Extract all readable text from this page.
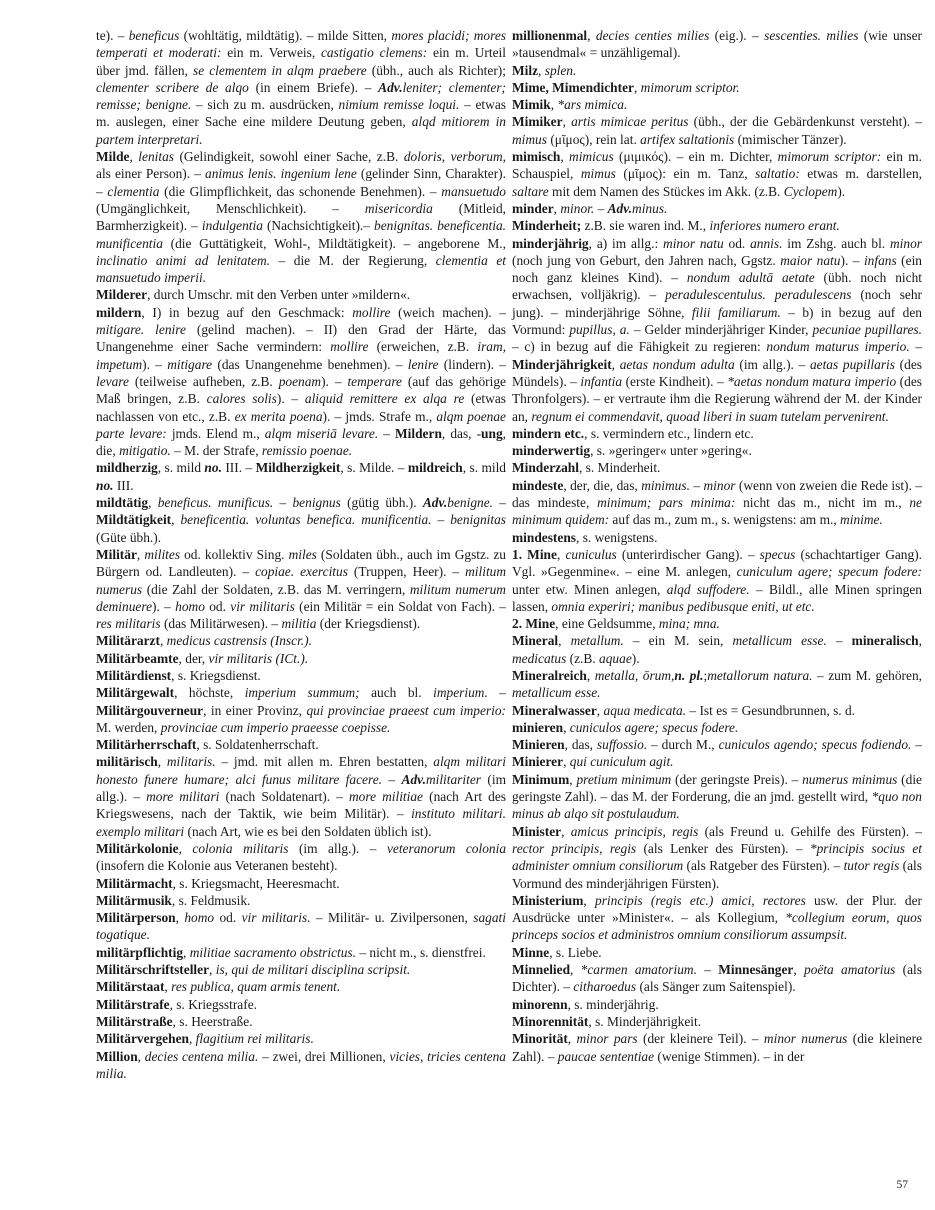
te). – beneficus (wohltätig, mildtätig). – milde Sitten, mores placidi; mores temperati et moderati: ein m. Verweis, castigatio clemens: ein m. Urteil über jmd. fällen, se clementem in alqm praebere (übh., auch als Richter); clementer scribere de alqo (in einem Briefe). – Adv.leniter; clementer; remisse; benigne. – sich zu m. ausdrücken, nimium remisse loqui. – etwas m. auslegen, einer Sache eine mildere Deutung geben, alqd mitiorem in partem interpretari.

Milde, lenitas (Gelindigkeit, sowohl einer Sache, z.B. doloris, verborum, als einer Person). – animus lenis. ingenium lene (gelinder Sinn, Charakter). – clementia (die Glimpflichkeit, das schonende Benehmen). – mansuetudo (Umgänglichkeit, Menschlichkeit). – misericordia (Mitleid, Barmherzigkeit). – indulgentia (Nachsichtigkeit).– benignitas. beneficentia. munificentia (die Guttätigkeit, Wohl-, Mildtätigkeit). – angeborene M., inclinatio animi ad lenitatem. – die M. der Regierung, clementia et mansuetudo imperii.

Milderer, durch Umschr. mit den Verben unter »mildern«.

mildern, I) in bezug auf den Geschmack: mollire (weich machen). – mitigare. lenire (gelind machen). – II) den Grad der Härte, das Unangenehme einer Sache vermindern: mollire (erweichen, z.B. iram, impetum). – mitigare (das Unangenehme benehmen). – lenire (lindern). – levare (teilweise aufheben, z.B. poenam). – temperare (auf das gehörige Maß bringen, z.B. calores solis). – aliquid remittere ex alqa re (etwas nachlassen von etc., z.B. ex merita poena). – jmds. Strafe m., alqm poenae parte levare: jmds. Elend m., alqm miseriā levare. – Mildern, das, -ung, die, mitigatio. – M. der Strafe, remissio poenae.

mildherzig, s. mild no. III. – Mildherzigkeit, s. Milde. – mildreich, s. mild no. III.

mildtätig, beneficus. munificus. – benignus (gütig übh.). Adv.benigne. – Mildtätigkeit, beneficentia. voluntas benefica. munificentia. – benignitas (Güte übh.).

Militär, milites od. kollektiv Sing. miles (Soldaten übh., auch im Ggstz. zu Bürgern od. Landleuten). – copiae. exercitus (Truppen, Heer). – militum numerus (die Zahl der Soldaten, z.B. das M. verringern, militum numerum deminuere). – homo od. vir militaris (ein Militär = ein Soldat von Fach). – res militaris (das Militärwesen). – militia (der Kriegsdienst).

Militärarzt, medicus castrensis (Inscr.).

Militärbeamte, der, vir militaris (ICt.).

Militärdienst, s. Kriegsdienst.

Militärgewalt, höchste, imperium summum; auch bl. imperium. – Militärgouverneur, in einer Provinz, qui provinciae praeest cum imperio: M. werden, provinciae cum imperio praeesse coepisse.

Militärherrschaft, s. Soldatenherrschaft.

militärisch, militaris. – jmd. mit allen m. Ehren bestatten, alqm militari honesto funere humare; alci funus militare facere. – Adv.militariter (im allg.). – more militari (nach Soldatenart). – more militiae (nach Art des Kriegswesens, nach der Taktik, wie beim Militär). – instituto militari. exemplo militari (nach Art, wie es bei den Soldaten üblich ist).

Militärkolonie, colonia militaris (im allg.). – veteranorum colonia (insofern die Kolonie aus Veteranen besteht).

Militärmacht, s. Kriegsmacht, Heeresmacht.

Militärmusik, s. Feldmusik.

Militärperson, homo od. vir militaris. – Militär- u. Zivilpersonen, sagati togatique.

militärpflichtig, militiae sacramento obstrictus. – nicht m., s. dienstfrei.

Militärschriftsteller, is, qui de militari disciplina scripsit.

Militärstaat, res publica, quam armis tenent.

Militärstrafe, s. Kriegsstrafe.

Militärstraße, s. Heerstraße.

Militärvergehen, flagitium rei militaris.

Million, decies centena milia. – zwei, drei Millionen, vicies, tricies centena milia.

millionenmal, decies centies milies (eig.). – sescenties. milies (wie unser »tausendmal« = unzähligemal).

Milz, splen.

Mime, Mimendichter, mimorum scriptor.

Mimik, *ars mimica.

Mimiker, artis mimicae peritus (übh., der die Gebärdenkunst versteht). – mimus (μῖμος), rein lat. artifex saltationis (mimischer Tänzer).

mimisch, mimicus (μιμικός). – ein m. Dichter, mimorum scriptor: ein m. Schauspiel, mimus (μῖμος): ein m. Tanz, saltatio: etwas m. darstellen, saltare mit dem Namen des Stückes im Akk. (z.B. Cyclopem).

minder, minor. – Adv.minus.

Minderheit; z.B. sie waren ind. M., inferiores numero erant.

minderjährig, a) im allg.: minor natu od. annis. im Zshg. auch bl. minor (noch jung von Geburt, den Jahren nach, Ggstz. maior natu). – infans (ein noch ganz kleines Kind). – nondum adultā aetate (übh. noch nicht erwachsen, volljäkrig). – peradulescentulus. peradulescens (noch sehr jung). – minderjährige Söhne, filii familiarum. – b) in bezug auf den Vormund: pupillus, a. – Gelder minderjähriger Kinder, pecuniae pupillares. – c) in bezug auf die Fähigkeit zu regieren: nondum maturus imperio. – Minderjährigkeit, aetas nondum adulta (im allg.). – aetas pupillaris (des Mündels). – infantia (erste Kindheit). – *aetas nondum matura imperio (des Thronfolgers). – er vertraute ihm die Regierung während der M. der Kinder an, regnum ei commendavit, quoad liberi in suam tutelam pervenirent.

mindern etc., s. vermindern etc., lindern etc.

minderwertig, s. »geringer« unter »gering«.

Minderzahl, s. Minderheit.

mindeste, der, die, das, minimus. – minor (wenn von zweien die Rede ist). – das mindeste, minimum; pars minima: nicht das m., nicht im m., ne minimum quidem: auf das m., zum m., s. wenigstens: am m., minime.

mindestens, s. wenigstens.

1. Mine, cuniculus (unterirdischer Gang). – specus (schachtartiger Gang). Vgl. »Gegenmine«. – eine M. anlegen, cuniculum agere; specum fodere: unter etw. Minen anlegen, alqd suffodere. – Bildl., alle Minen springen lassen, omnia experiri; manibus pedibusque eniti, ut etc.

2. Mine, eine Geldsumme, mina; mna.

Mineral, metallum. – ein M. sein, metallicum esse. – mineralisch, medicatus (z.B. aquae).

Mineralreich, metalla, ōrum,n. pl.;metallorum natura. – zum M. gehören, metallicum esse.

Mineralwasser, aqua medicata. – Ist es = Gesundbrunnen, s. d.

minieren, cuniculos agere; specus fodere.

Minieren, das, suffossio. – durch M., cuniculos agendo; specus fodiendo. – Minierer, qui cuniculum agit.

Minimum, pretium minimum (der geringste Preis). – numerus minimus (die geringste Zahl). – das M. der Forderung, die an jmd. gestellt wird, *quo non minus ab alqo sit postulaudum.

Minister, amicus principis, regis (als Freund u. Gehilfe des Fürsten). – rector principis, regis (als Lenker des Fürsten). – *principis socius et administer omnium consiliorum (als Ratgeber des Fürsten). – tutor regis (als Vormund des minderjährigen Fürsten).

Ministerium, principis (regis etc.) amici, rectores usw. der Plur. der Ausdrücke unter »Minister«. – als Kollegium, *collegium eorum, quos princeps socios et administros omnium consiliorum assumpsit.

Minne, s. Liebe.

Minnelied, *carmen amatorium. – Minnesänger, poëta amatorius (als Dichter). – citharoedus (als Sänger zum Saitenspiel).

minorenn, s. minderjährig.

Minorennität, s. Minderjährigkeit.

Minorität, minor pars (der kleinere Teil). – minor numerus (die kleinere Zahl). – paucae sententiae (wenige Stimmen). – in der

57
